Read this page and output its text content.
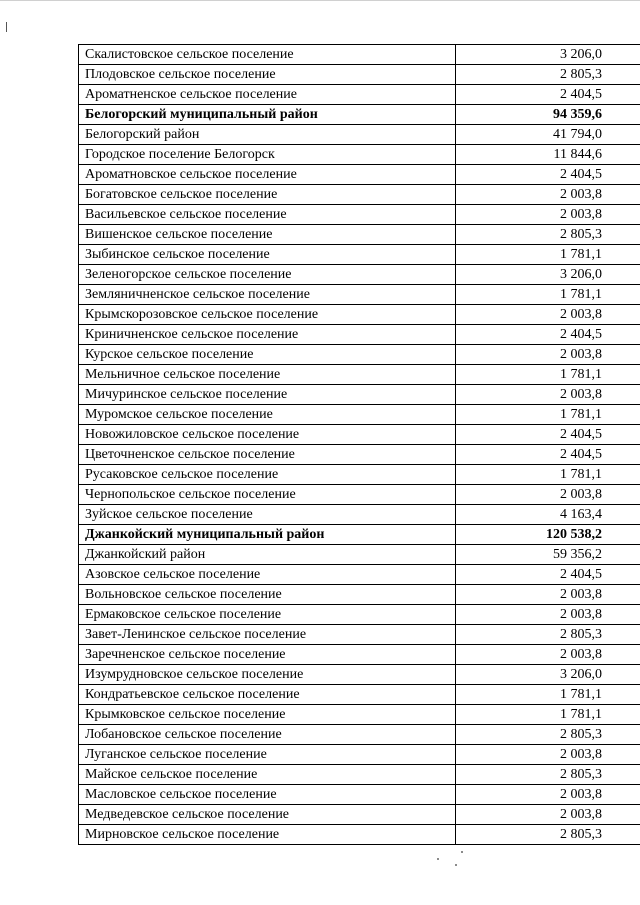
Скалистовское сельское поселение	3 206,0
Плодовское сельское поселение	2 805,3
Ароматненское сельское поселение	2 404,5
Белогорский муниципальный район	94 359,6
Белогорский район	41 794,0
Городское поселение Белогорск	11 844,6
Ароматновское сельское поселение	2 404,5
Богатовское сельское поселение	2 003,8
Васильевское сельское поселение	2 003,8
Вишенское сельское поселение	2 805,3
Зыбинское сельское поселение	1 781,1
Зеленогорское сельское поселение	3 206,0
Земляничненское сельское поселение	1 781,1
Крымскорозовское сельское поселение	2 003,8
Криничненское сельское поселение	2 404,5
Курское сельское поселение	2 003,8
Мельничное сельское поселение	1 781,1
Мичуринское сельское поселение	2 003,8
Муромское сельское поселение	1 781,1
Новожиловское сельское поселение	2 404,5
Цветочненское сельское поселение	2 404,5
Русаковское сельское поселение	1 781,1
Чернопольское сельское поселение	2 003,8
Зуйское сельское поселение	4 163,4
Джанкойский муниципальный район	120 538,2
Джанкойский район	59 356,2
Азовское сельское поселение	2 404,5
Вольновское сельское поселение	2 003,8
Ермаковское сельское поселение	2 003,8
Завет-Ленинское сельское поселение	2 805,3
Заречненское сельское поселение	2 003,8
Изумрудновское сельское поселение	3 206,0
Кондратьевское сельское поселение	1 781,1
Крымковское сельское поселение	1 781,1
Лобановское сельское поселение	2 805,3
Луганское сельское поселение	2 003,8
Майское сельское поселение	2 805,3
Масловское сельское поселение	2 003,8
Медведевское сельское поселение	2 003,8
Мирновское сельское поселение	2 805,3
